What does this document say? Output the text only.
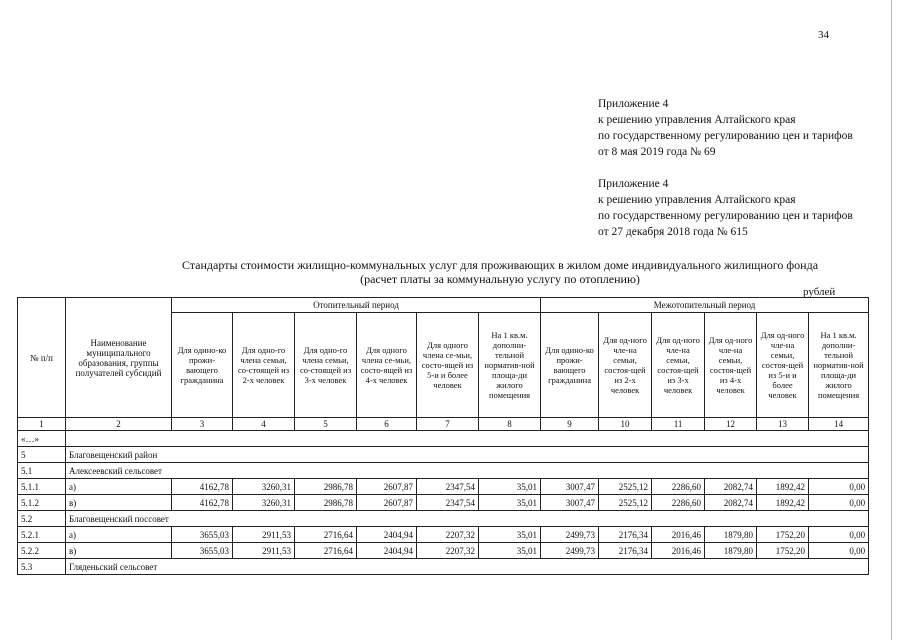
34
Приложение 4
к решению управления Алтайского края
по государственному регулированию цен и тарифов
от 8 мая 2019 года № 69
Приложение 4
к решению управления Алтайского края
по государственному регулированию цен и тарифов
от 27 декабря 2018 года № 615
Стандарты стоимости жилищно-коммунальных услуг для проживающих в жилом доме индивидуального жилищного фонда
(расчет платы за коммунальную услугу по отоплению)
рублей
№ п/п	Наименование муниципального образования, группы получателей субсидий	Отопительный период						Межотопительный период					
		Для одино-ко прожи-вающего гражданина	Для одно-го члена семьи, со-стоящей из 2-х человек	Для одно-го члена семьи, со-стоящей из 3-х человек	Для одного члена се-мьи, состо-ящей из 4-х человек	Для одного члена се-мьи, состо-ящей из 5-и и более человек	На 1 кв.м. дополни-тельной норматив-ной площа-ди жилого помещения	Для одино-ко прожи-вающего гражданина	Для од-ного чле-на семьи, состоя-щей из 2-х человек	Для од-ного чле-на семьи, состоя-щей из 3-х человек	Для од-ного чле-на семьи, состоя-щей из 4-х человек	Для од-ного чле-на семьи, состоя-щей из 5-и и более человек	На 1 кв.м. дополни-тельной норматив-ной площа-ди жилого помещения
1	2	3	4	5	6	7	8	9	10	11	12	13	14
«…»													
5	Благовещенский район												
5.1	Алексеевский сельсовет												
5.1.1	а)	4162,78	3260,31	2986,78	2607,87	2347,54	35,01	3007,47	2525,12	2286,60	2082,74	1892,42	0,00
5.1.2	в)	4162,78	3260,31	2986,78	2607,87	2347,54	35,01	3007,47	2525,12	2286,60	2082,74	1892,42	0,00
5.2	Благовещенский поссовет												
5.2.1	а)	3655,03	2911,53	2716,64	2404,94	2207,32	35,01	2499,73	2176,34	2016,46	1879,80	1752,20	0,00
5.2.2	в)	3655,03	2911,53	2716,64	2404,94	2207,32	35,01	2499,73	2176,34	2016,46	1879,80	1752,20	0,00
5.3	Гляденьский сельсовет												
